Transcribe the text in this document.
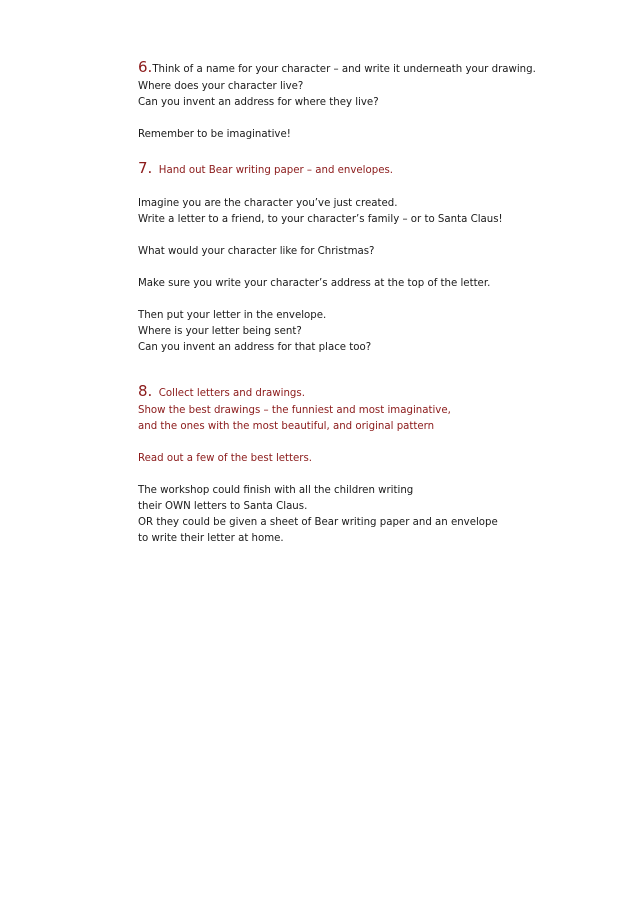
6.Think of a name for your character – and write it underneath your drawing.

Where does your character live?

Can you invent an address for where they live?

Remember to be imaginative!

7. Hand out Bear writing paper – and envelopes.

Imagine you are the character you’ve just created.

Write a letter to a friend, to your character’s family – or to Santa Claus!

What would your character like for Christmas?

Make sure you write your character’s address at the top of the letter.

Then put your letter in the envelope.

Where is your letter being sent?

Can you invent an address for that place too?

8. Collect letters and drawings.

Show the best drawings – the funniest and most imaginative,

and the ones with the most beautiful, and original pattern

Read out a few of the best letters.

The workshop could finish with all the children writing

their OWN letters to Santa Claus.

OR they could be given a sheet of Bear writing paper and an envelope

to write their letter at home.
